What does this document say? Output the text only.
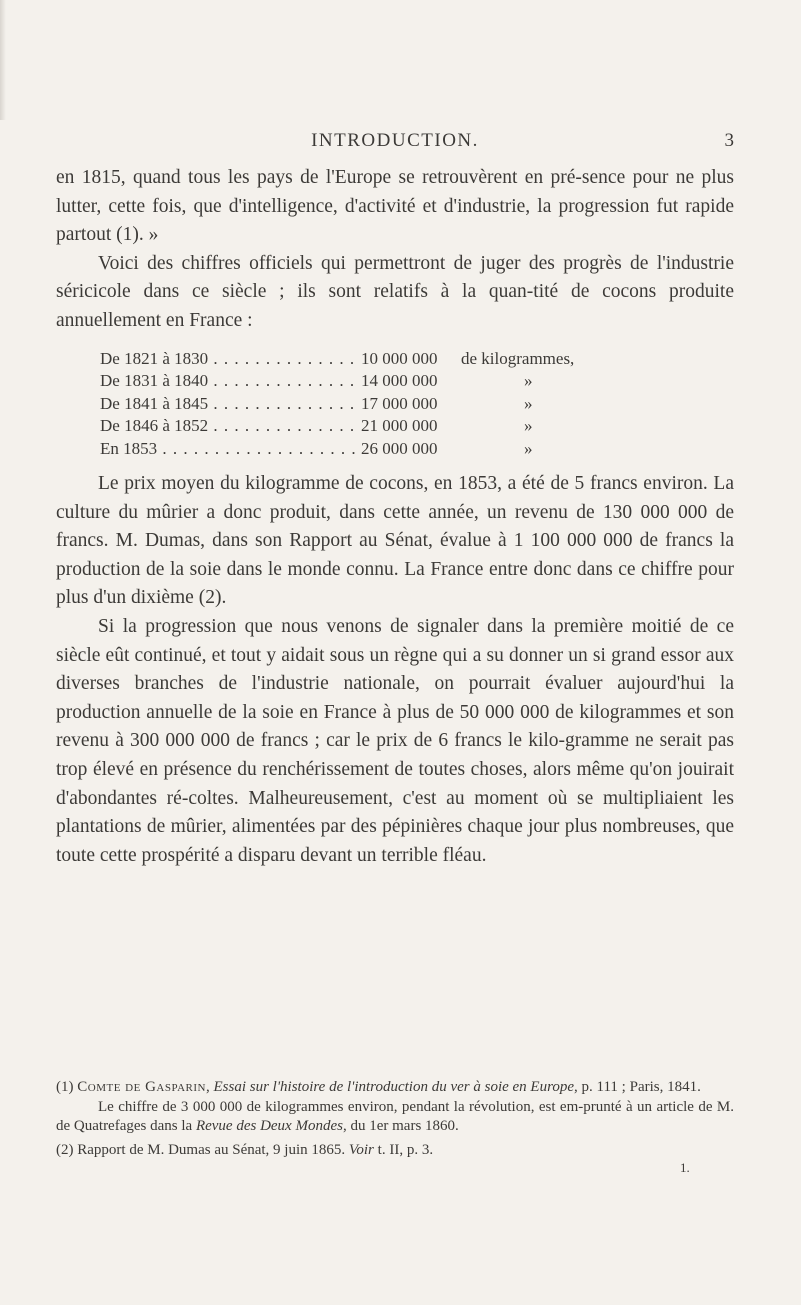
INTRODUCTION.	3

en 1815, quand tous les pays de l'Europe se retrouvèrent en pré-sence pour ne plus lutter, cette fois, que d'intelligence, d'activité et d'industrie, la progression fut rapide partout (1). »

Voici des chiffres officiels qui permettront de juger des progrès de l'industrie séricicole dans ce siècle ; ils sont relatifs à la quan-tité de cocons produite annuellement en France :

De 1821 à 1830 . . .	10 000 000 de kilogrammes,
De 1831 à 1840 . . .	14 000 000	»
De 1841 à 1845 . . .	17 000 000	»
De 1846 à 1852 . . .	21 000 000	»
En 1853 . . .	26 000 000	»

Le prix moyen du kilogramme de cocons, en 1853, a été de 5 francs environ. La culture du mûrier a donc produit, dans cette année, un revenu de 130 000 000 de francs. M. Dumas, dans son Rapport au Sénat, évalue à 1 100 000 000 de francs la production de la soie dans le monde connu. La France entre donc dans ce chiffre pour plus d'un dixième (2).

Si la progression que nous venons de signaler dans la première moitié de ce siècle eût continué, et tout y aidait sous un règne qui a su donner un si grand essor aux diverses branches de l'industrie nationale, on pourrait évaluer aujourd'hui la production annuelle de la soie en France à plus de 50 000 000 de kilogrammes et son revenu à 300 000 000 de francs ; car le prix de 6 francs le kilo-gramme ne serait pas trop élevé en présence du renchérissement de toutes choses, alors même qu'on jouirait d'abondantes ré-coltes. Malheureusement, c'est au moment où se multipliaient les plantations de mûrier, alimentées par des pépinières chaque jour plus nombreuses, que toute cette prospérité a disparu devant un terrible fléau.

(1) Comte de Gasparin, Essai sur l'histoire de l'introduction du ver à soie en Europe, p. 111 ; Paris, 1841.

Le chiffre de 3 000 000 de kilogrammes environ, pendant la révolution, est em-prunté à un article de M. de Quatrefages dans la Revue des Deux Mondes, du 1er mars 1860.

(2) Rapport de M. Dumas au Sénat, 9 juin 1865. Voir t. II, p. 3.

1.
